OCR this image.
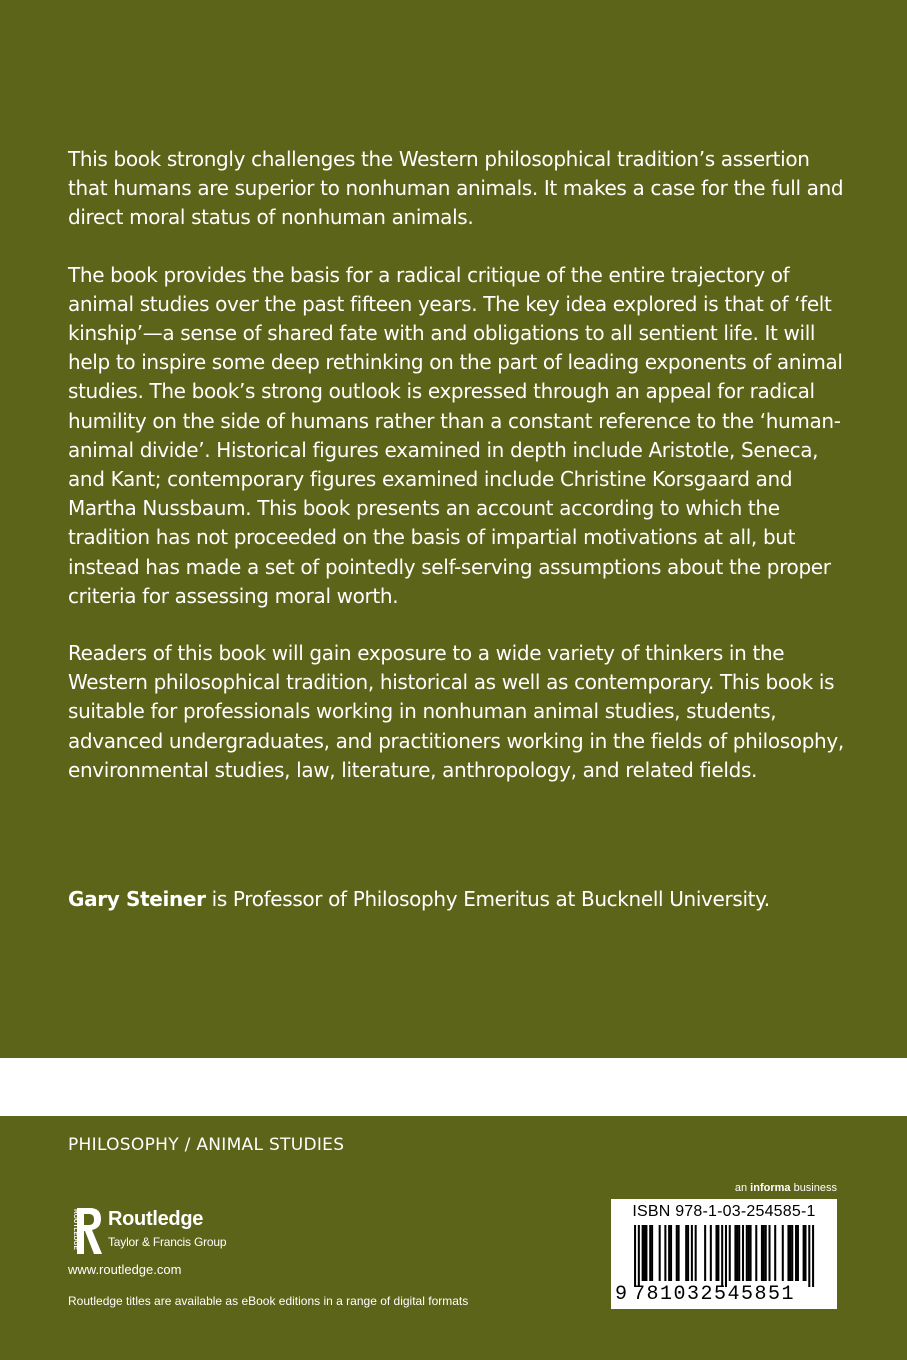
This book strongly challenges the Western philosophical tradition’s assertion that humans are superior to nonhuman animals. It makes a case for the full and direct moral status of nonhuman animals.

The book provides the basis for a radical critique of the entire trajectory of animal studies over the past fifteen years. The key idea explored is that of ‘felt kinship’—a sense of shared fate with and obligations to all sentient life. It will help to inspire some deep rethinking on the part of leading exponents of animal studies. The book’s strong outlook is expressed through an appeal for radical humility on the side of humans rather than a constant reference to the ‘human-animal divide’. Historical figures examined in depth include Aristotle, Seneca, and Kant; contemporary figures examined include Christine Korsgaard and Martha Nussbaum. This book presents an account according to which the tradition has not proceeded on the basis of impartial motivations at all, but instead has made a set of pointedly self-serving assumptions about the proper criteria for assessing moral worth.

Readers of this book will gain exposure to a wide variety of thinkers in the Western philosophical tradition, historical as well as contemporary. This book is suitable for professionals working in nonhuman animal studies, students, advanced undergraduates, and practitioners working in the fields of philosophy, environmental studies, law, literature, anthropology, and related fields.

Gary Steiner is Professor of Philosophy Emeritus at Bucknell University.
PHILOSOPHY / ANIMAL STUDIES
ROUTLEDGE Routledge
Taylor & Francis Group
www.routledge.com
Routledge titles are available as eBook editions in a range of digital formats
an informa business
ISBN 978-1-03-254585-1
9 781032545851
